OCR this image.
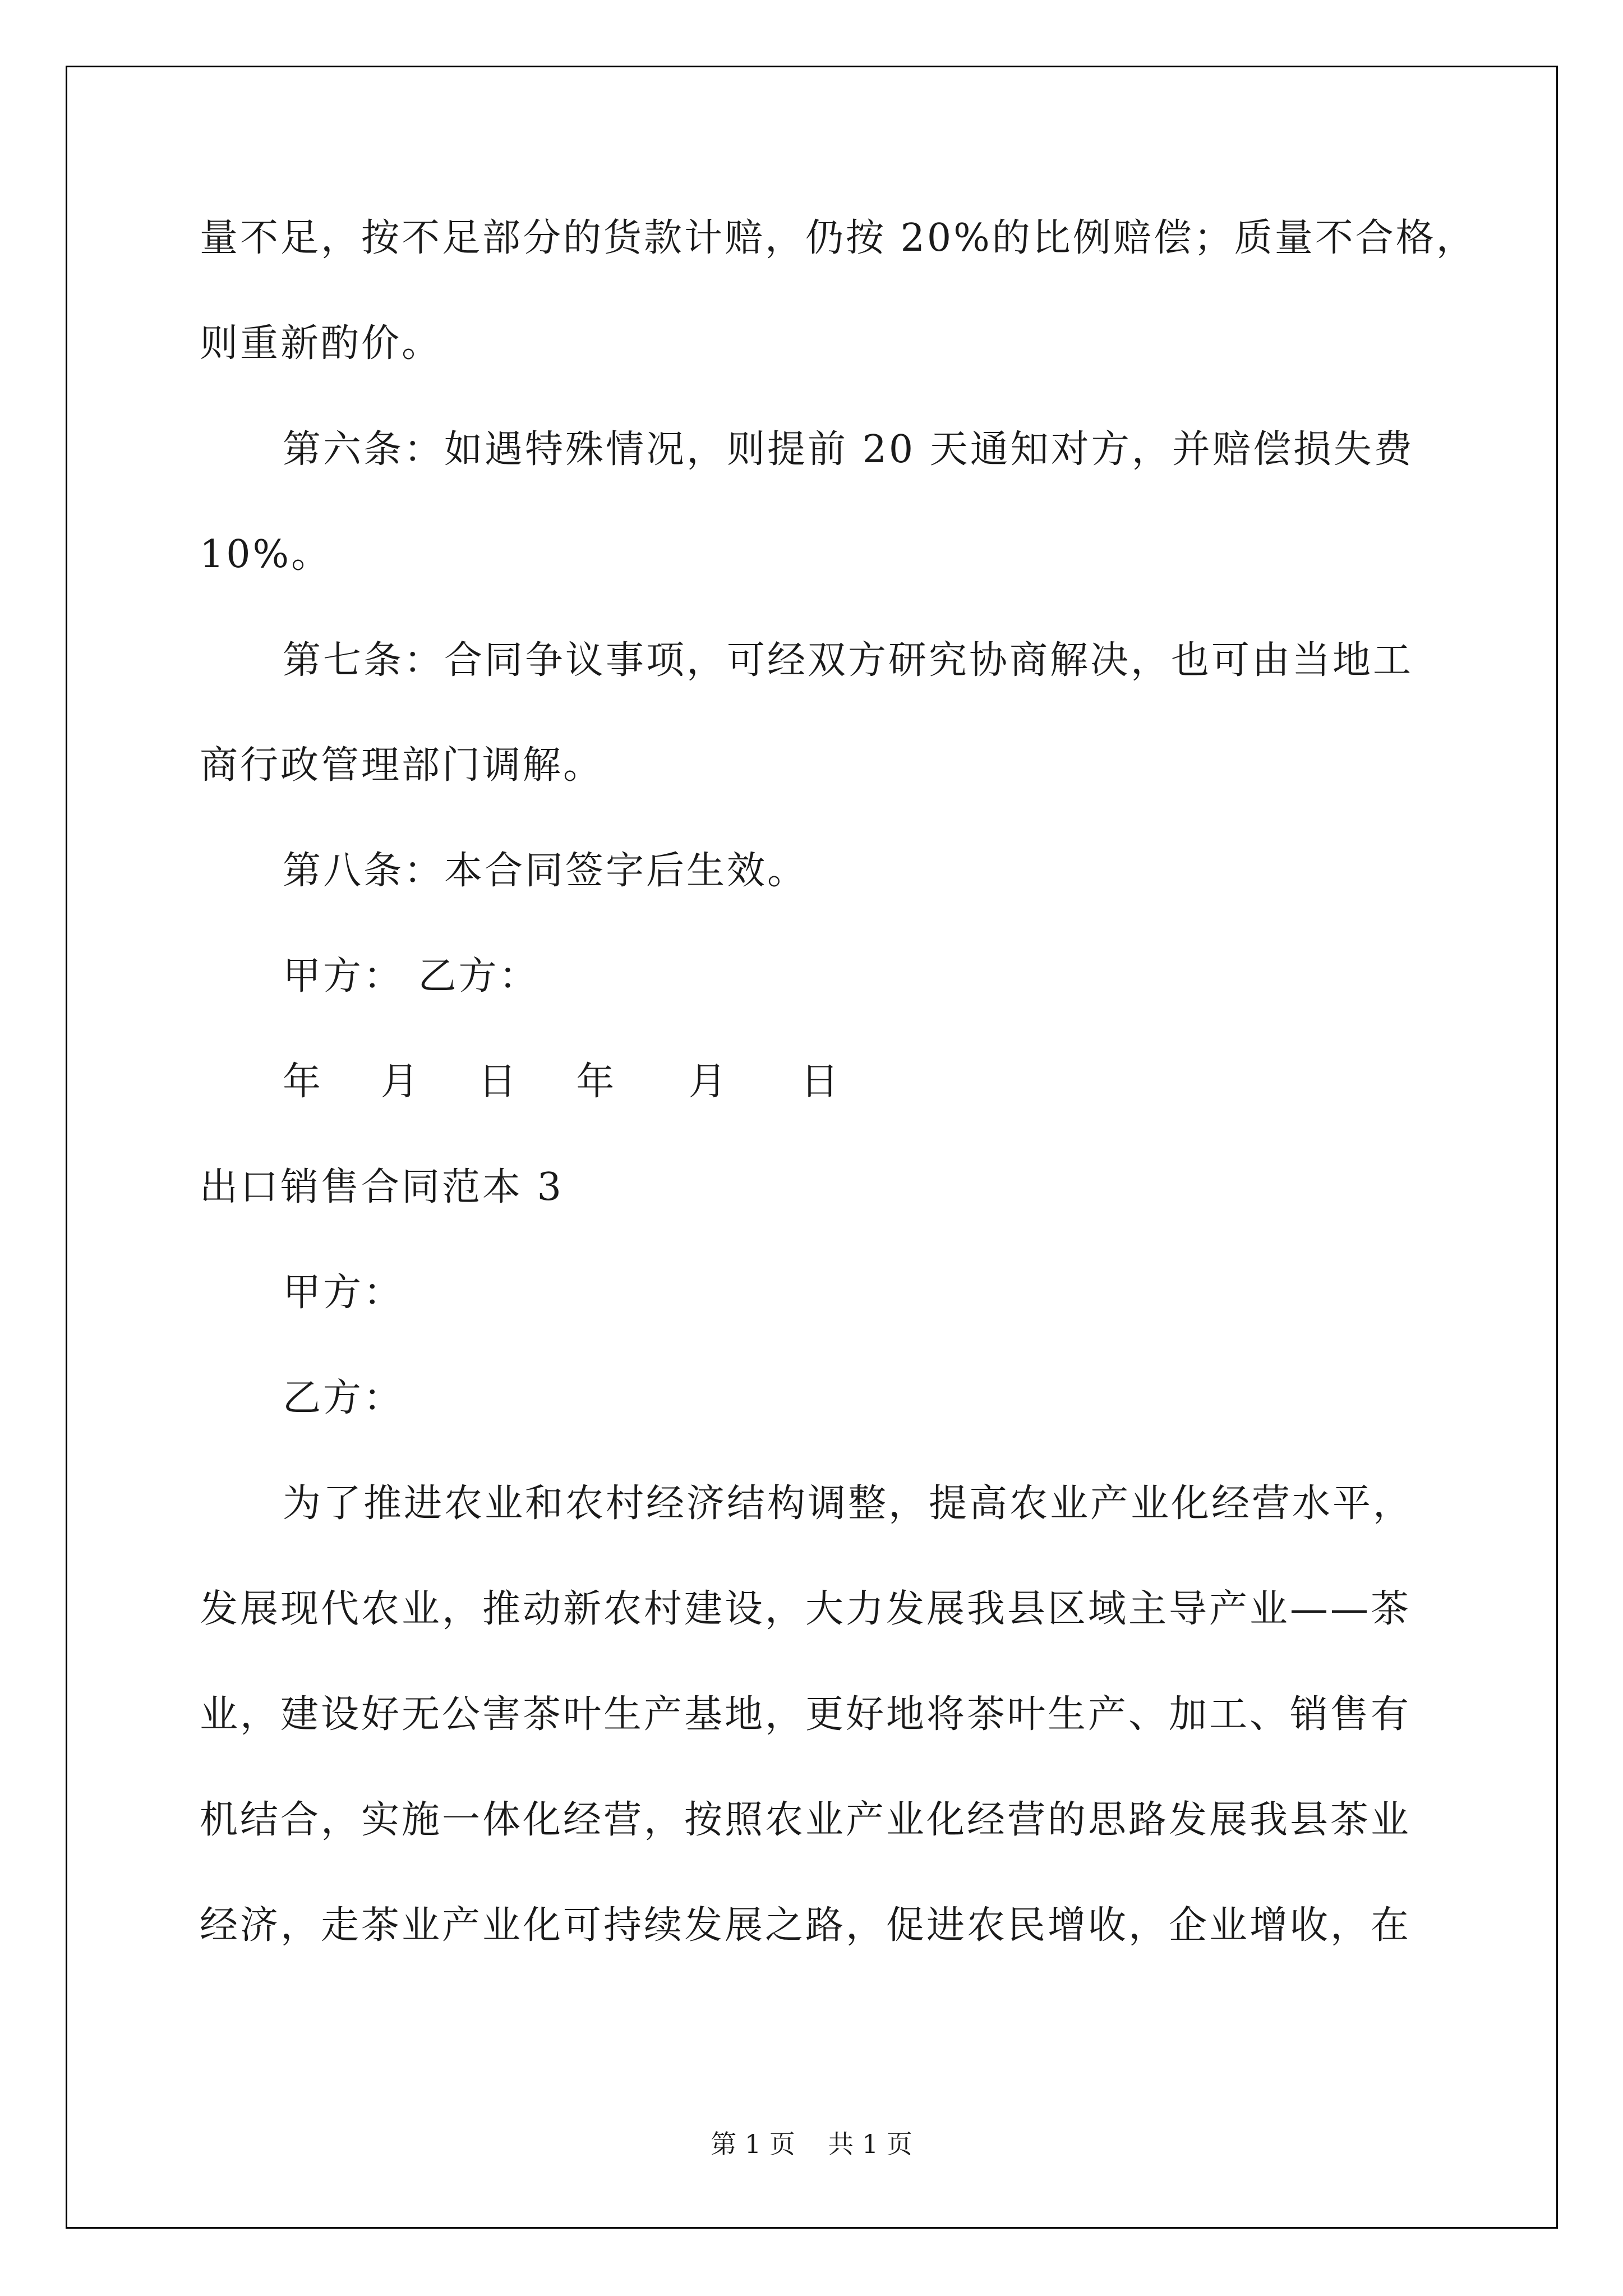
量不足，按不足部分的货款计赔，仍按 20%的比例赔偿；质量不合格，
则重新酌价。
第六条：如遇特殊情况，则提前 20 天通知对方，并赔偿损失费
10%。
第七条：合同争议事项，可经双方研究协商解决，也可由当地工
商行政管理部门调解。
第八条：本合同签字后生效。
甲方： 乙方：
年    月    日    年     月     日
出口销售合同范本 3
甲方：
乙方：
为了推进农业和农村经济结构调整，提高农业产业化经营水平，
发展现代农业，推动新农村建设，大力发展我县区域主导产业——茶
业，建设好无公害茶叶生产基地，更好地将茶叶生产、加工、销售有
机结合，实施一体化经营，按照农业产业化经营的思路发展我县茶业
经济，走茶业产业化可持续发展之路，促进农民增收，企业增收，在
第 1 页    共 1 页
